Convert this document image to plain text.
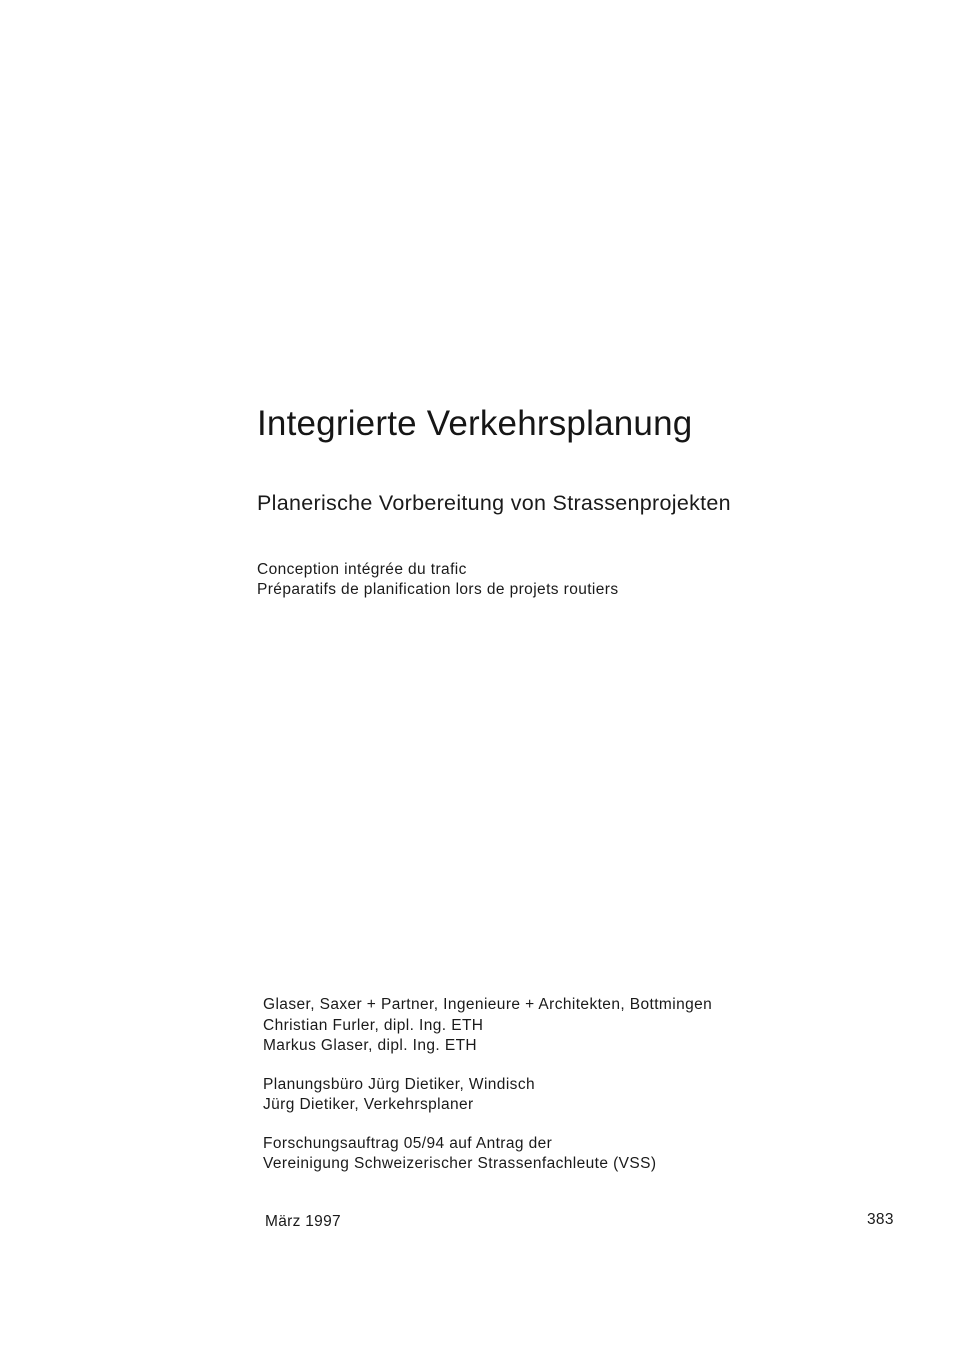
Integrierte Verkehrsplanung
Planerische Vorbereitung von Strassenprojekten
Conception intégrée du trafic
Préparatifs de planification lors de projets routiers
Glaser, Saxer + Partner, Ingenieure + Architekten, Bottmingen
Christian Furler, dipl. Ing. ETH
Markus Glaser, dipl. Ing. ETH
Planungsbüro Jürg Dietiker, Windisch
Jürg Dietiker, Verkehrsplaner
Forschungsauftrag 05/94 auf Antrag der
Vereinigung Schweizerischer Strassenfachleute (VSS)
März 1997	383
